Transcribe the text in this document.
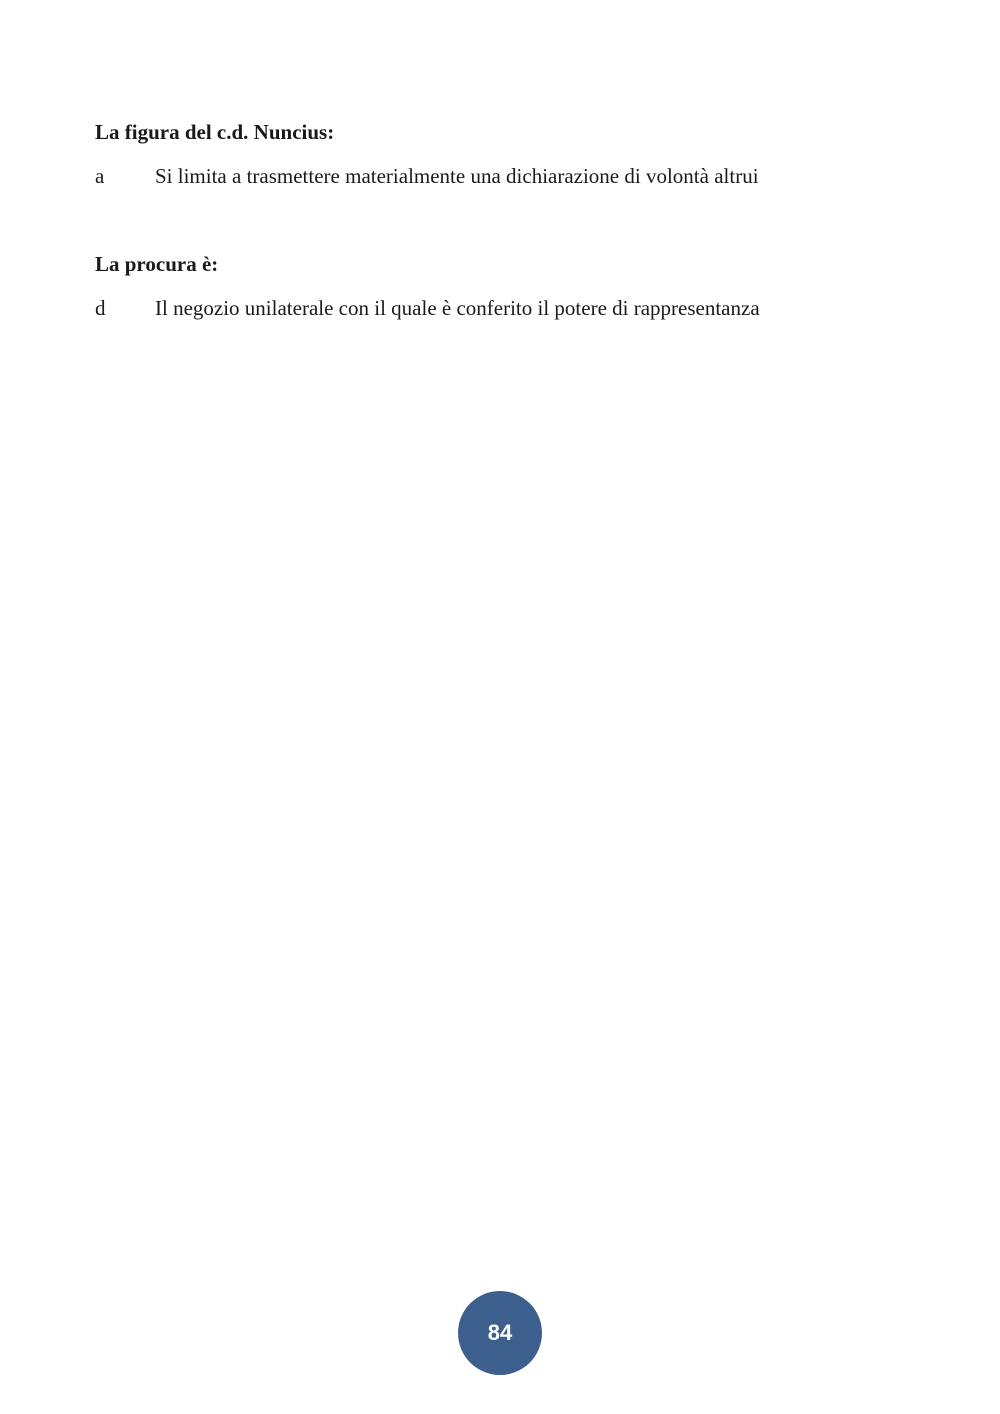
La figura del c.d. Nuncius:
a	Si limita a trasmettere materialmente una dichiarazione di volontà altrui
La procura è:
d	Il negozio unilaterale con il quale è conferito il potere di rappresentanza
84
